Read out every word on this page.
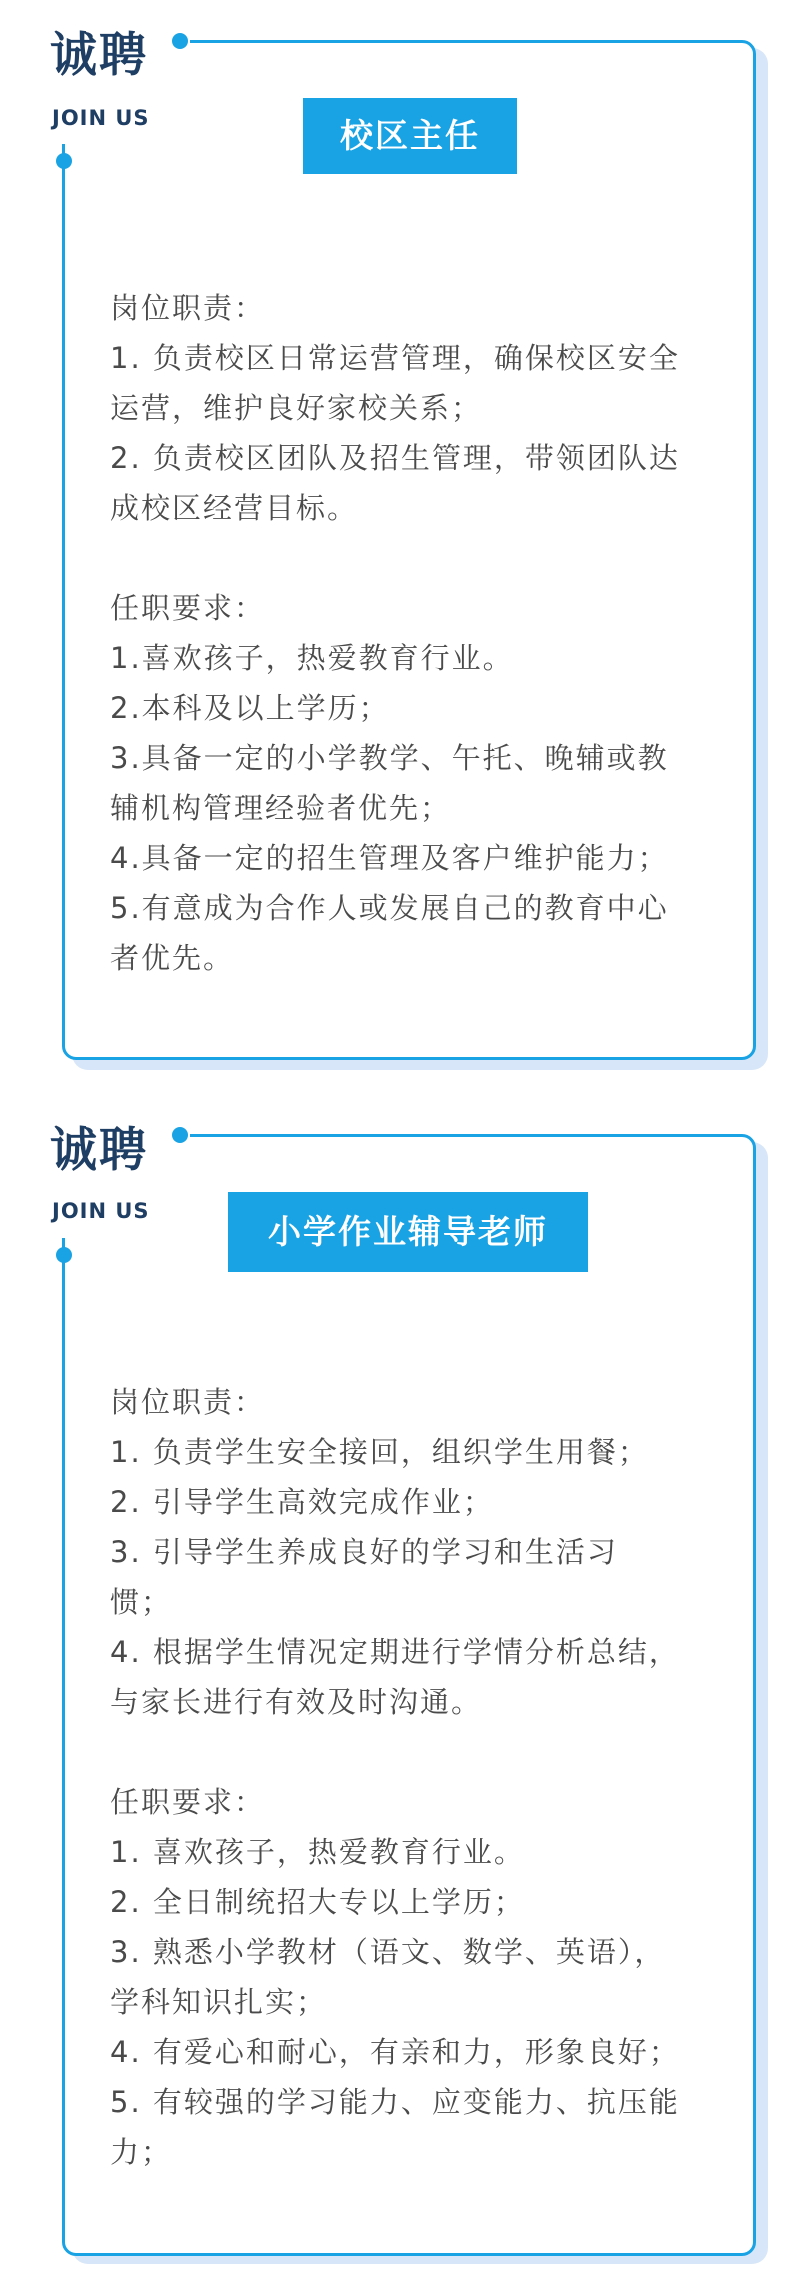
诚聘
JOIN US	校区主任

岗位职责：

1. 负责校区日常运营管理，确保校区安全

运营，维护良好家校关系；

2. 负责校区团队及招生管理，带领团队达

成校区经营目标。

任职要求：

1.喜欢孩子，热爱教育行业。

2.本科及以上学历；

3.具备一定的小学教学、午托、晚辅或教

辅机构管理经验者优先；

4.具备一定的招生管理及客户维护能力；

5.有意成为合作人或发展自己的教育中心

者优先。

诚聘
JOIN US
小学作业辅导老师

岗位职责：

1. 负责学生安全接回，组织学生用餐；

2. 引导学生高效完成作业；

3. 引导学生养成良好的学习和生活习

惯；

4. 根据学生情况定期进行学情分析总结，

与家长进行有效及时沟通。

任职要求：

1. 喜欢孩子，热爱教育行业。

2. 全日制统招大专以上学历；

3. 熟悉小学教材（语文、数学、英语），

学科知识扎实；

4. 有爱心和耐心，有亲和力，形象良好；

5. 有较强的学习能力、应变能力、抗压能

力；
